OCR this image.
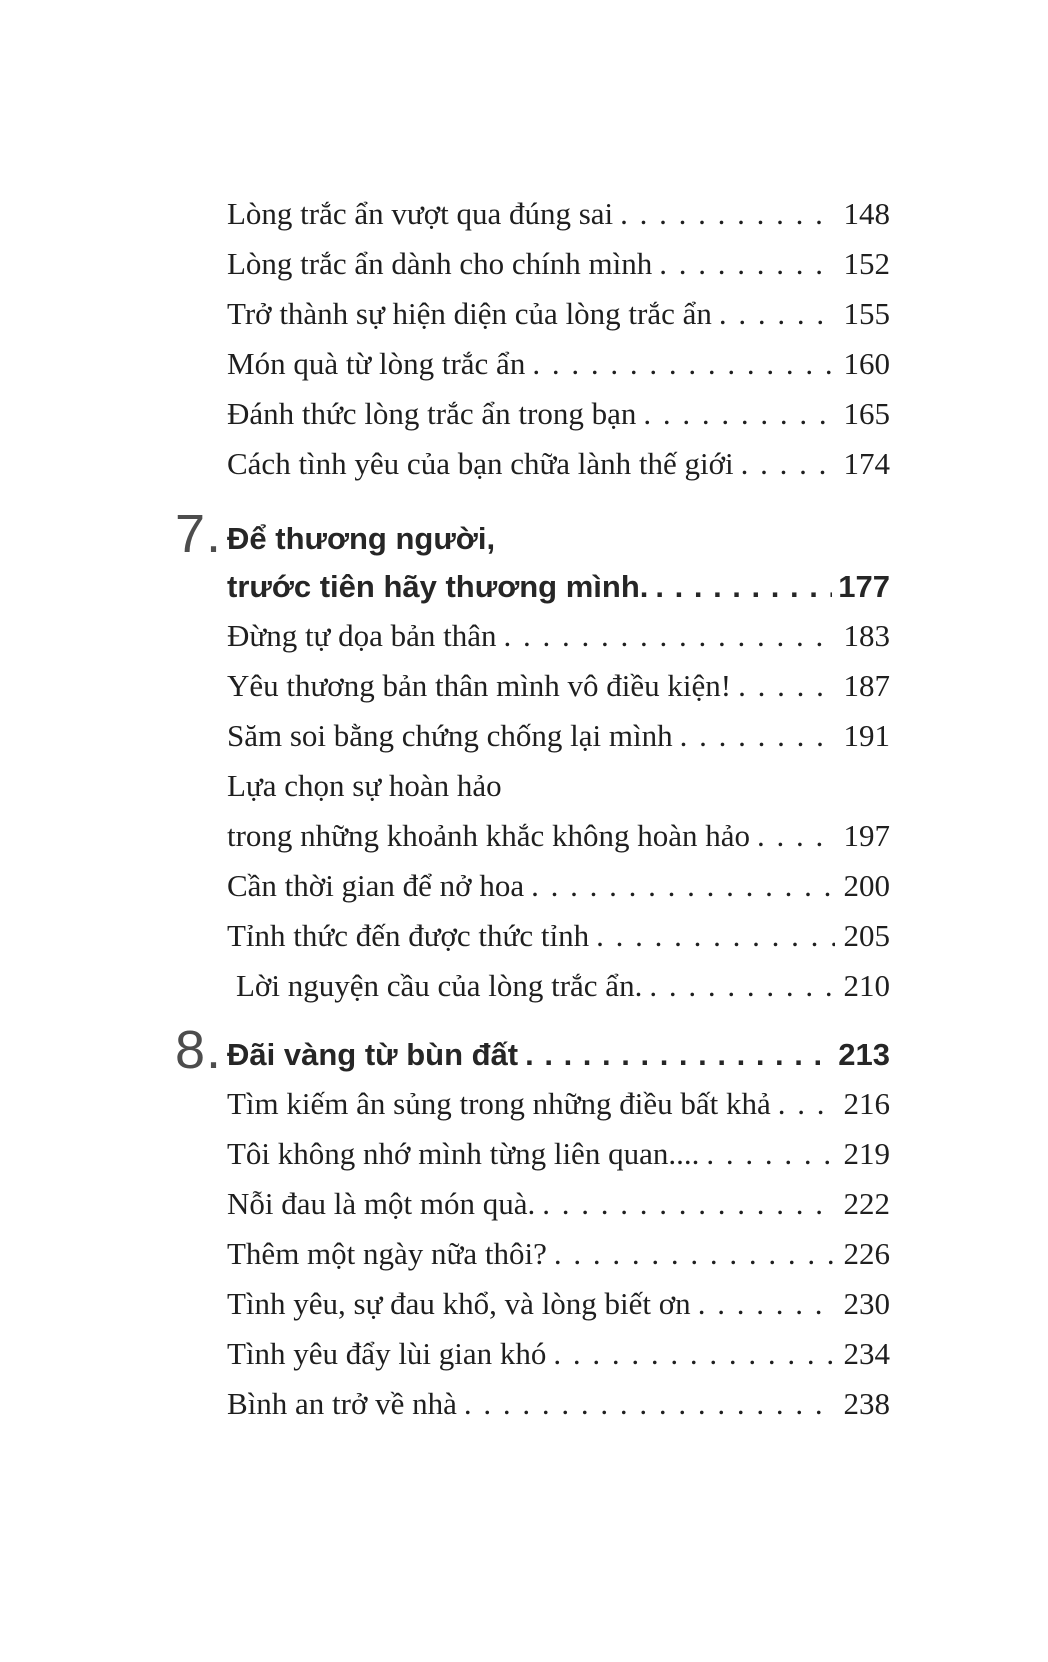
Lòng trắc ẩn vượt qua đúng sai . . .	148
Lòng trắc ẩn dành cho chính mình . . .	152
Trở thành sự hiện diện của lòng trắc ẩn . . .	155
Món quà từ lòng trắc ẩn . . .	160
Đánh thức lòng trắc ẩn trong bạn . . .	165
Cách tình yêu của bạn chữa lành thế giới . . .	174
7. Để thương người,
trước tiên hãy thương mình. . . .	177
Đừng tự dọa bản thân . . .	183
Yêu thương bản thân mình vô điều kiện! . . .	187
Săm soi bằng chứng chống lại mình . . .	191
Lựa chọn sự hoàn hảo
trong những khoảnh khắc không hoàn hảo . . .	197
Cần thời gian để nở hoa . . .	200
Tỉnh thức đến được thức tỉnh . . .	205
Lời nguyện cầu của lòng trắc ẩn. . . .	210
8. Đãi vàng từ bùn đất . . .	213
Tìm kiếm ân sủng trong những điều bất khả . . . 216
Tôi không nhớ mình từng liên quan.... . . .	219
Nỗi đau là một món quà. . . .	222
Thêm một ngày nữa thôi? . . .	226
Tình yêu, sự đau khổ, và lòng biết ơn . . .	230
Tình yêu đẩy lùi gian khó . . .	234
Bình an trở về nhà . . .	238
